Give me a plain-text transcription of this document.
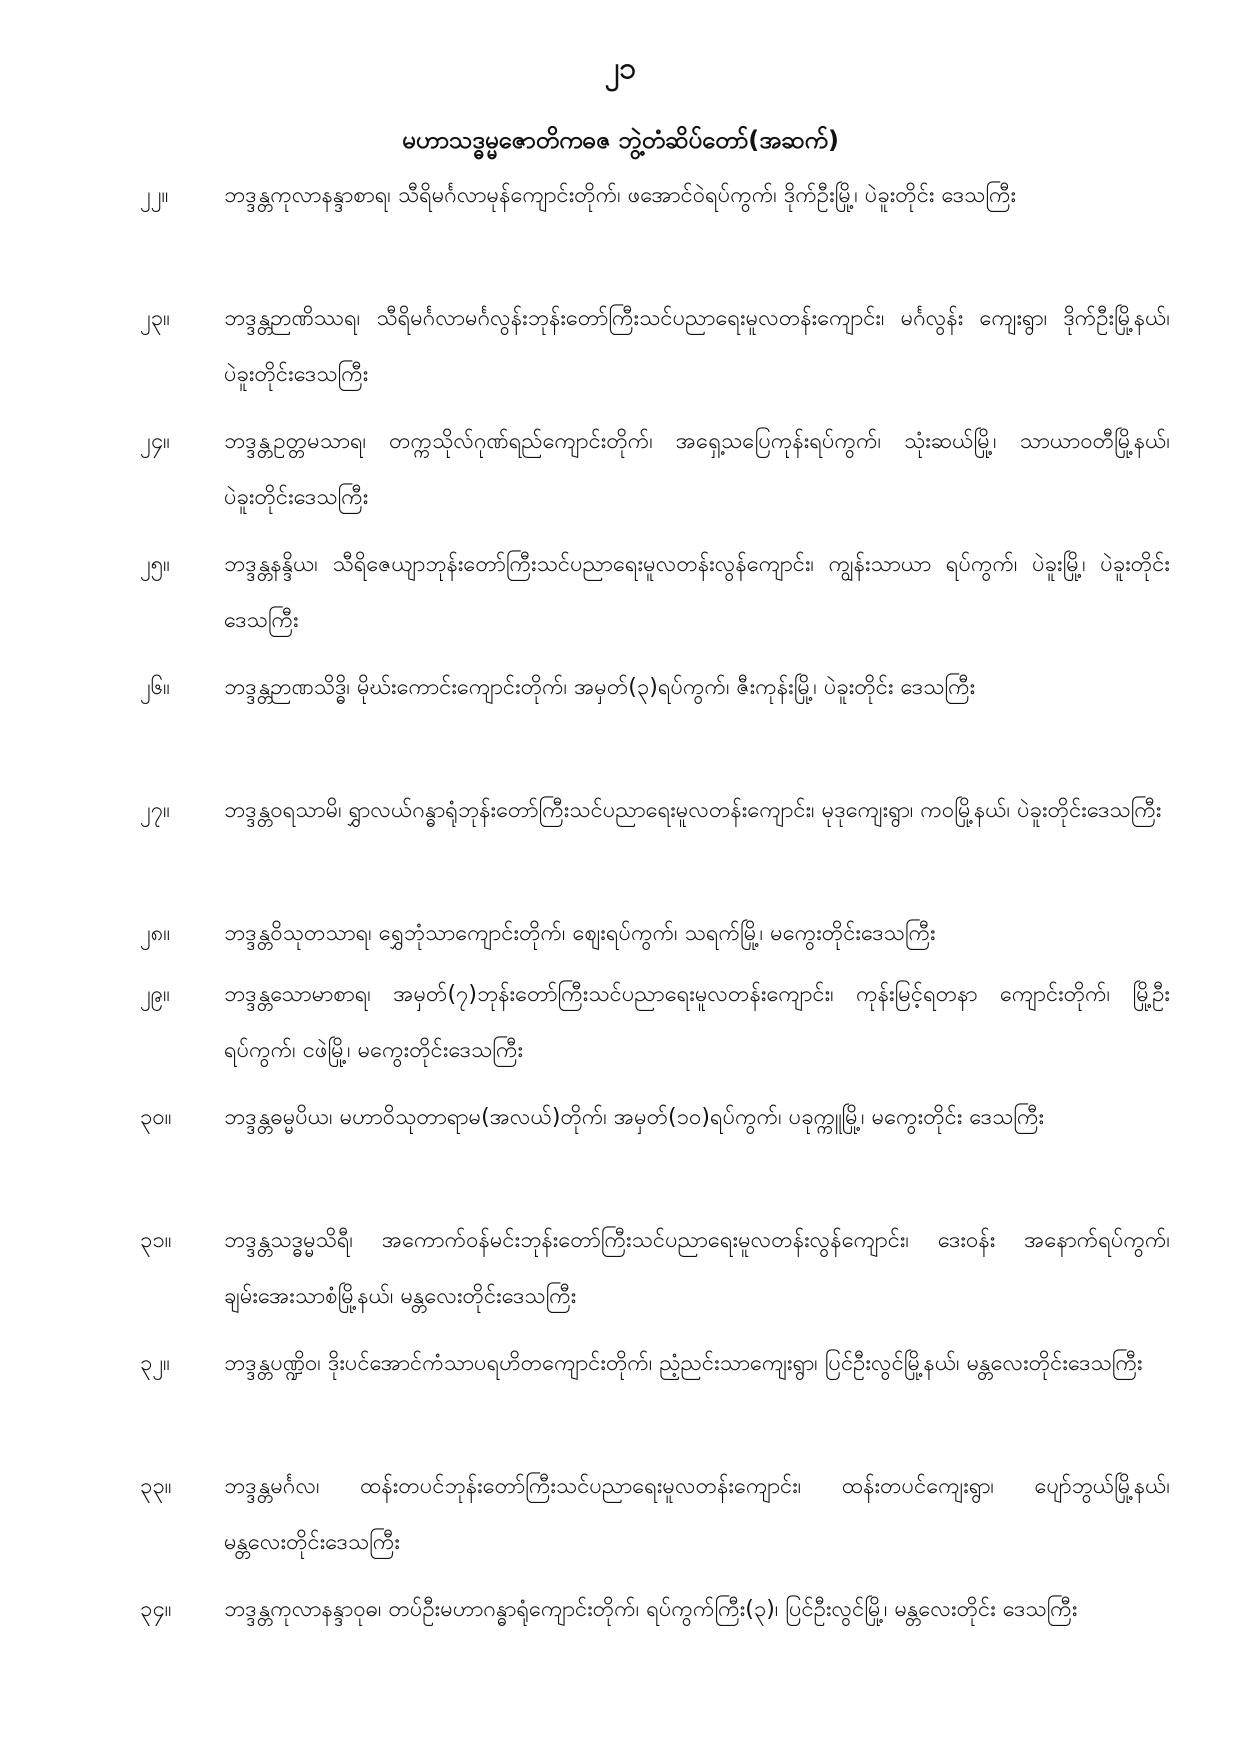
၂၁
မဟာသဒ္ဓမ္မဇောတိကဓဇ ဘွဲ့တံဆိပ်တော်(အဆက်)
၂၂။	ဘဒ္ဒန္တကုလာနန္ဒာစာရ၊ သီရိမင်္ဂလာမုန်ကျောင်းတိုက်၊ ဖအောင်ဝဲရပ်ကွက်၊ ဒိုက်ဦးမြို့၊ ပဲခူးတိုင်း ဒေသကြီး
၂၃။	ဘဒ္ဒန္တဉာဏိဿရ၊ သီရိမင်္ဂလာမင်္ဂလွန်းဘုန်းတော်ကြီးသင်ပညာရေးမူလတန်းကျောင်း၊ မင်္ဂလွန်း ကျေးရွာ၊ ဒိုက်ဦးမြို့နယ်၊ ပဲခူးတိုင်းဒေသကြီး
၂၄။	ဘဒ္ဒန္တဥတ္တမသာရ၊ တက္ကသိုလ်ဂုဏ်ရည်ကျောင်းတိုက်၊ အရှေ့သပြေကုန်းရပ်ကွက်၊ သုံးဆယ်မြို့၊ သာယာဝတီမြို့နယ်၊ ပဲခူးတိုင်းဒေသကြီး
၂၅။	ဘဒ္ဒန္တနန္ဒိယ၊ သီရိဇေယျာဘုန်းတော်ကြီးသင်ပညာရေးမူလတန်းလွန်ကျောင်း၊ ကျွန်းသာယာ ရပ်ကွက်၊ ပဲခူးမြို့၊ ပဲခူးတိုင်းဒေသကြီး
၂၆။	ဘဒ္ဒန္တဉာဏသိဒ္ဓိ၊ မိုဃ်းကောင်းကျောင်းတိုက်၊ အမှတ်(၃)ရပ်ကွက်၊ ဇီးကုန်းမြို့၊ ပဲခူးတိုင်း ဒေသကြီး
၂၇။	ဘဒ္ဒန္တဝရသာမိ၊ ရွှာလယ်ဂန္ဓာရုံဘုန်းတော်ကြီးသင်ပညာရေးမူလတန်းကျောင်း၊ မုဒုကျေးရွာ၊ ကဝမြို့နယ်၊ ပဲခူးတိုင်းဒေသကြီး
၂၈။	ဘဒ္ဒန္တဝိသုတသာရ၊ ရွှေဘုံသာကျောင်းတိုက်၊ စျေးရပ်ကွက်၊ သရက်မြို့၊ မကွေးတိုင်းဒေသကြီး
၂၉။	ဘဒ္ဒန္တသောမာစာရ၊ အမှတ်(၇)ဘုန်းတော်ကြီးသင်ပညာရေးမူလတန်းကျောင်း၊ ကုန်းမြင့်ရတနာ ကျောင်းတိုက်၊ မြို့ဦးရပ်ကွက်၊ ငဖဲမြို့၊ မကွေးတိုင်းဒေသကြီး
၃၀။	ဘဒ္ဒန္တဓမ္မပိယ၊ မဟာဝိသုတာရာမ(အလယ်)တိုက်၊ အမှတ်(၁၀)ရပ်ကွက်၊ ပခုက္ကူမြို့၊ မကွေးတိုင်း ဒေသကြီး
၃၁။	ဘဒ္ဒန္တသဒ္ဓမ္မသိရီ၊ အကောက်ဝန်မင်းဘုန်းတော်ကြီးသင်ပညာရေးမူလတန်းလွန်ကျောင်း၊ ဒေးဝန်း အနောက်ရပ်ကွက်၊ ချမ်းအေးသာစံမြို့နယ်၊ မန္တလေးတိုင်းဒေသကြီး
၃၂။	ဘဒ္ဒန္တပဏ္ဍိဝ၊ ဒိုးပင်အောင်ကံသာပရဟိတကျောင်းတိုက်၊ ညံ့ညင်းသာကျေးရွာ၊ ပြင်ဦးလွင်မြို့နယ်၊ မန္တလေးတိုင်းဒေသကြီး
၃၃။	ဘဒ္ဒန္တမင်္ဂလ၊ ထန်းတပင်ဘုန်းတော်ကြီးသင်ပညာရေးမူလတန်းကျောင်း၊ ထန်းတပင်ကျေးရွာ၊ ပျော်ဘွယ်မြို့နယ်၊ မန္တလေးတိုင်းဒေသကြီး
၃၄။	ဘဒ္ဒန္တကုလာနန္ဒာဝုဓ၊ တပ်ဦးမဟာဂန္ဓာရုံကျောင်းတိုက်၊ ရပ်ကွက်ကြီး(၃)၊ ပြင်ဦးလွင်မြို့၊ မန္တလေးတိုင်း ဒေသကြီး
